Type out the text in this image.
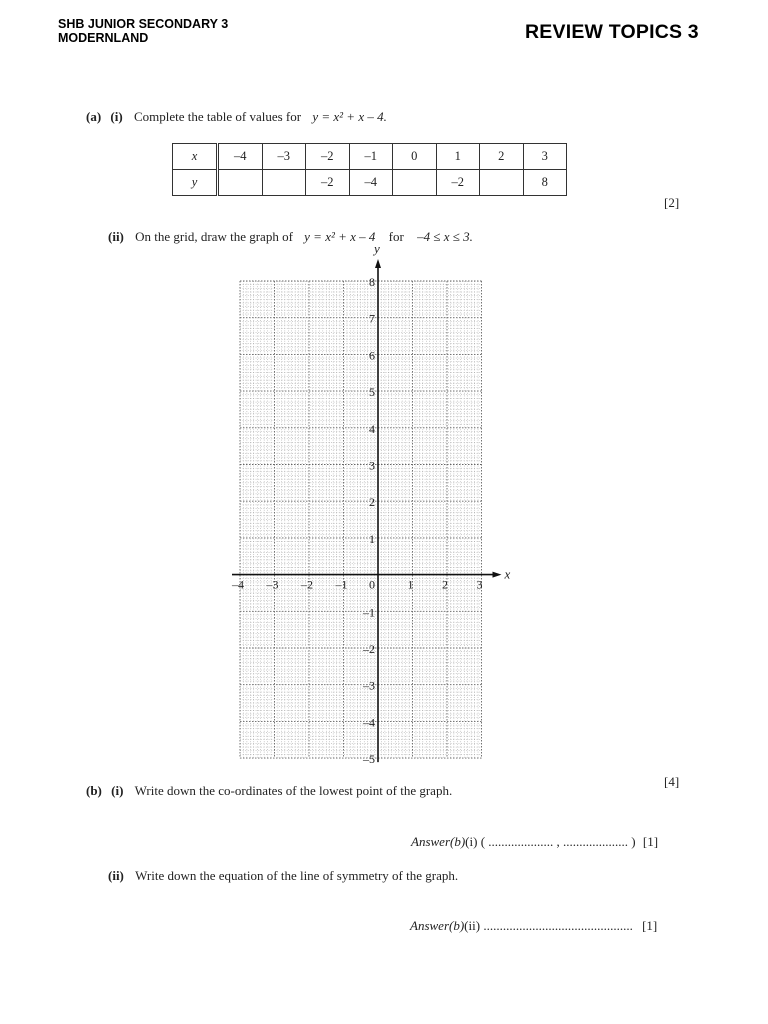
SHB JUNIOR SECONDARY 3
MODERNLAND	REVIEW TOPICS 3
(a) (i) Complete the table of values for y = x² + x – 4.
x	–4	–3	–2	–1	0	1	2	3
y			–2	–4		–2		8
[2]
(ii) On the grid, draw the graph of y = x² + x – 4 for –4 ≤ x ≤ 3.
–4 –3 –2 –1 0	1 2 3
8
7
6
5
4
3
2
1
–1
–2
–3
–4
–5
x
y
[4]
(b) (i) Write down the co-ordinates of the lowest point of the graph.
Answer(b)(i) ( .................... , .................... ) [1]
(ii) Write down the equation of the line of symmetry of the graph.
Answer(b)(ii) .............................................. [1]
